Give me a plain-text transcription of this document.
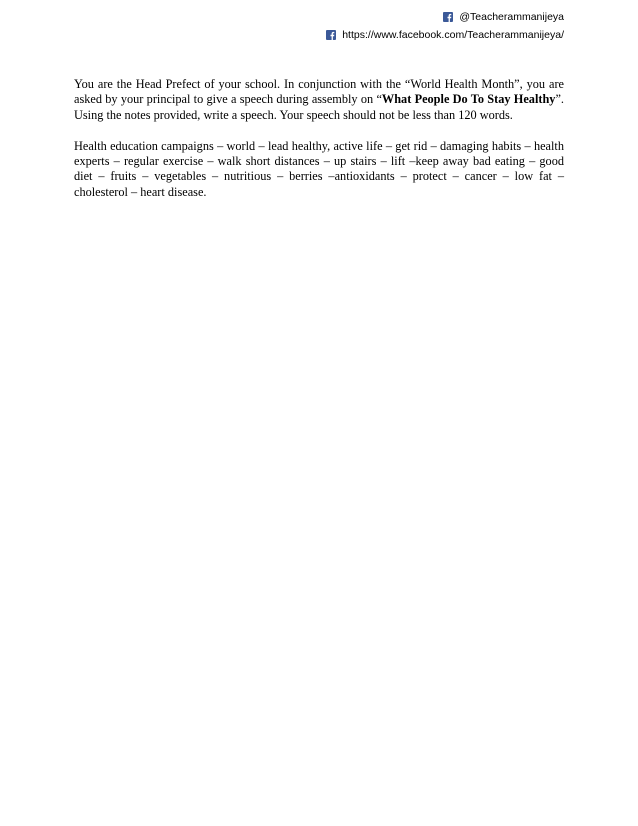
@Teacherammanijeya
https://www.facebook.com/Teacherammanijeya/

You are the Head Prefect of your school. In conjunction with the “World Health Month”, you are asked by your principal to give a speech during assembly on “What People Do To Stay Healthy”. Using the notes provided, write a speech. Your speech should not be less than 120 words.

Health education campaigns – world – lead healthy, active life – get rid – damaging habits – health experts – regular exercise – walk short distances – up stairs – lift –keep away bad eating – good diet – fruits – vegetables – nutritious – berries –antioxidants – protect – cancer – low fat – cholesterol – heart disease.
